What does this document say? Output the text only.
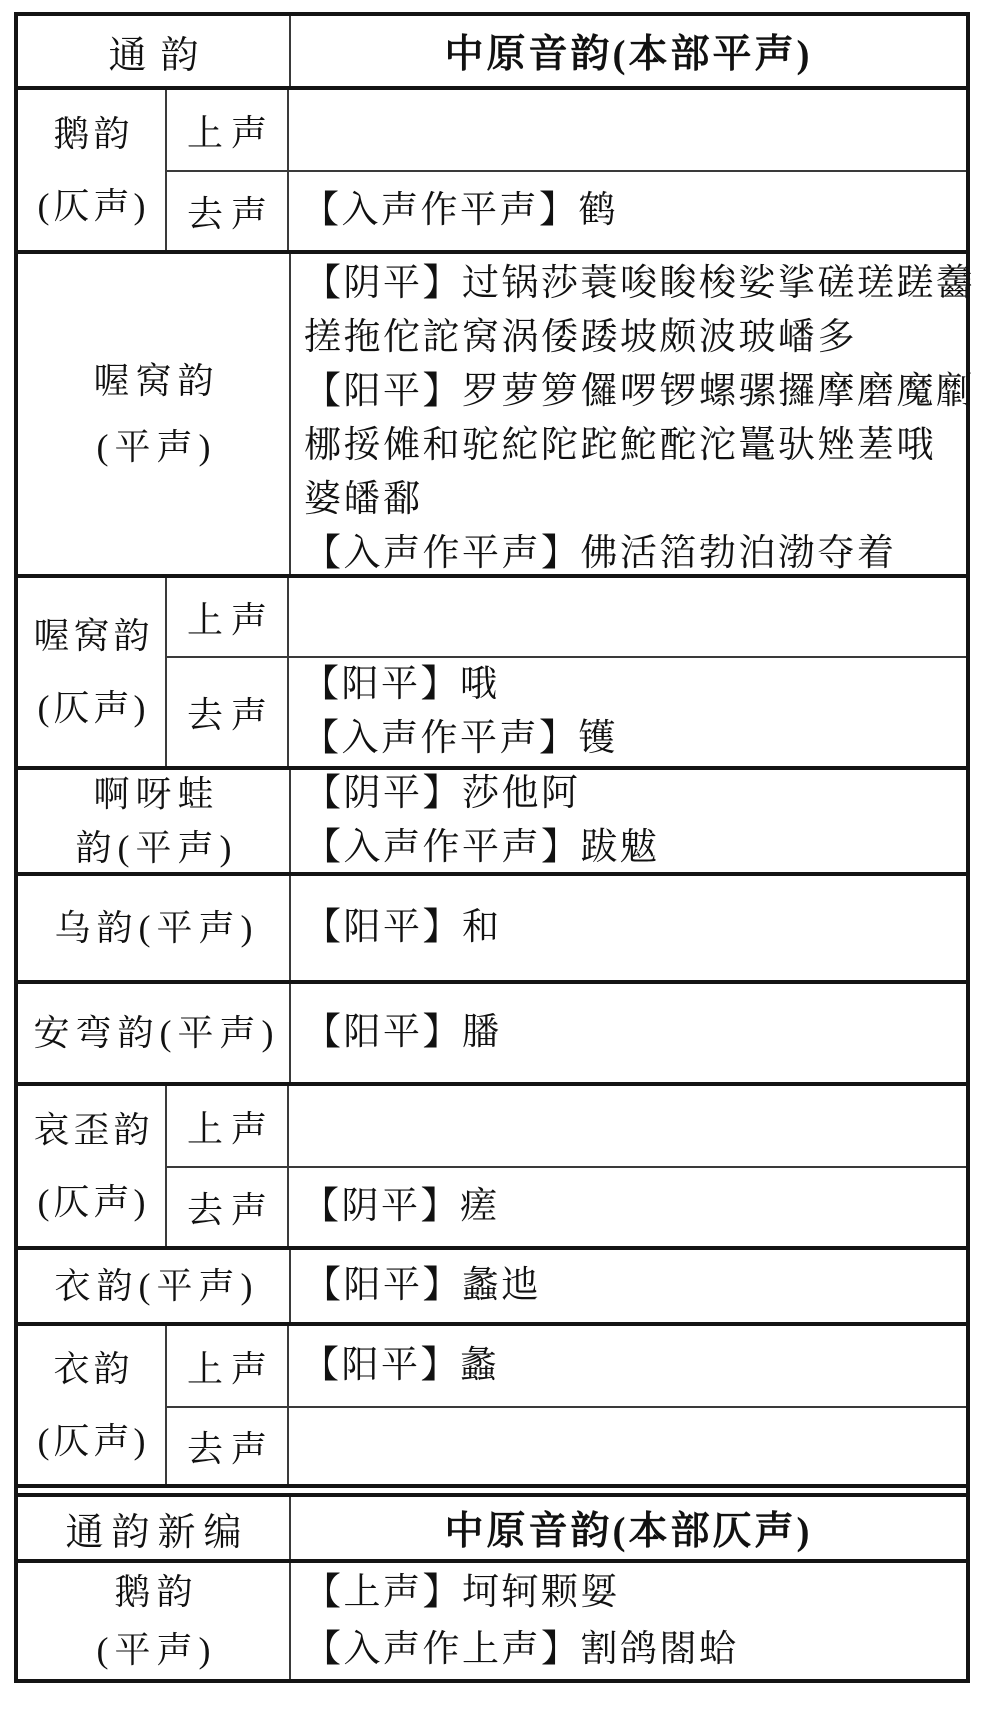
通韵	中原音韵(本部平声)
鹅韵
(仄声)
上声
去声 【入声作平声】鹤
喔窝韵
(平声)
【阴平】过锅莎蓑唆睃梭娑挲磋瑳蹉齹
搓拖佗詑窝涡倭踒坡颇波玻嶓多
【阳平】罗萝箩儸啰锣螺骡攞摩磨魔劘
梛挼傩和驼紽陀跎鮀酡沱鼍驮矬蒫哦
婆皤鄱
【入声作平声】佛活箔勃泊渤夺着
喔窝韵
(仄声)
上声
去声
【阳平】哦
【入声作平声】镬
啊呀蛙
韵(平声)
【阴平】莎他阿
【入声作平声】跋魃
乌韵(平声) 【阳平】和
安弯韵(平声) 【阳平】膰
哀歪韵
(仄声)
上声
去声 【阴平】瘥
衣韵(平声) 【阳平】蠡迆
衣韵
(仄声)
上声 【阳平】蠡
去声
通韵新编	中原音韵(本部仄声)
鹅韵
(平声)
【上声】坷轲颗娿
【入声作上声】割鸽閤蛤
